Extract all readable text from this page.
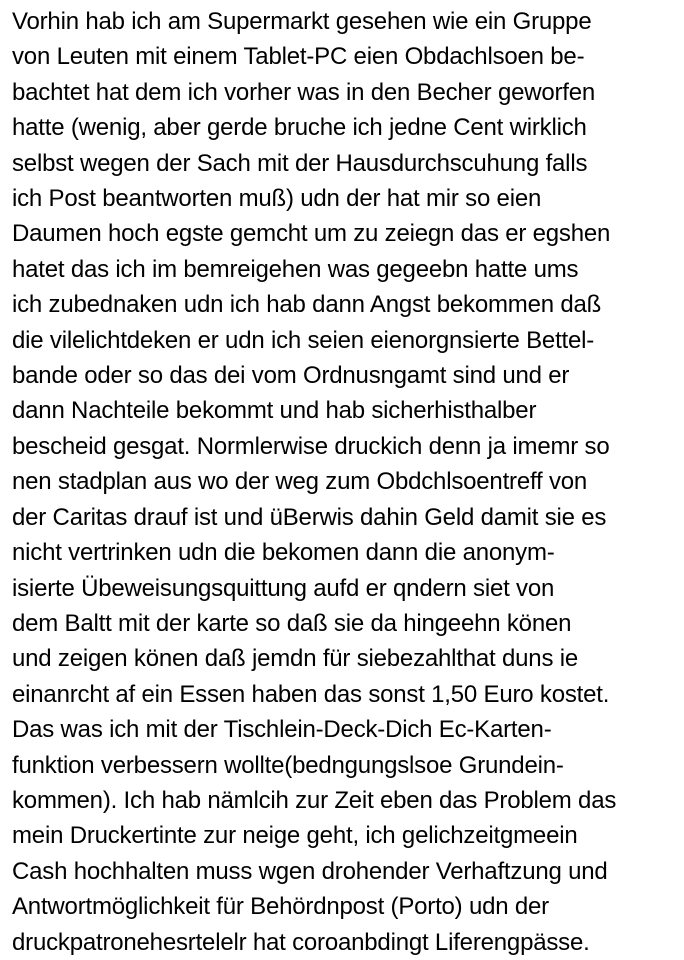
Vorhin hab ich am Supermarkt gesehen wie ein Gruppe
von Leuten mit einem Tablet-PC eien Obdachlsoen be-
bachtet hat dem ich vorher was in den Becher geworfen
hatte (wenig, aber gerde bruche ich jedne Cent wirklich
selbst wegen der Sach mit der Hausdurchscuhung falls
ich Post beantworten muß) udn der hat mir so eien
Daumen hoch egste gemcht um zu zeiegn das er egshen
hatet das ich im bemreigehen was gegeebn hatte ums
ich zubednaken udn ich hab dann Angst bekommen daß
die vilelichtdeken er udn ich seien eienorgnsierte Bettel-
bande oder so das dei vom Ordnusngamt sind und er
dann Nachteile bekommt und hab sicherhisthalber
bescheid gesgat. Normlerwise druckich denn ja imemr so
nen stadplan aus wo der weg zum Obdchlsoentreff von
der Caritas drauf ist und üBerwis dahin Geld damit sie es
nicht vertrinken udn die bekomen dann die anonym-
isierte Übeweisungsquittung aufd er qndern siet von
dem Baltt mit der karte so daß sie da hingeehn könen
und zeigen könen daß jemdn für siebezahlthat duns ie
einanrcht af ein Essen haben das sonst 1,50 Euro kostet.
Das was ich mit der Tischlein-Deck-Dich Ec-Karten-
funktion verbessern wollte(bedngungslsoe Grundein-
kommen). Ich hab nämlcih zur Zeit eben das Problem das
mein Druckertinte zur neige geht, ich gelichzeitgmeein
Cash hochhalten muss wgen drohender Verhaftzung und
Antwortmöglichkeit für Behördnpost (Porto) udn der
druckpatronehesrtelelr hat coroanbdingt Liferengpässe.
